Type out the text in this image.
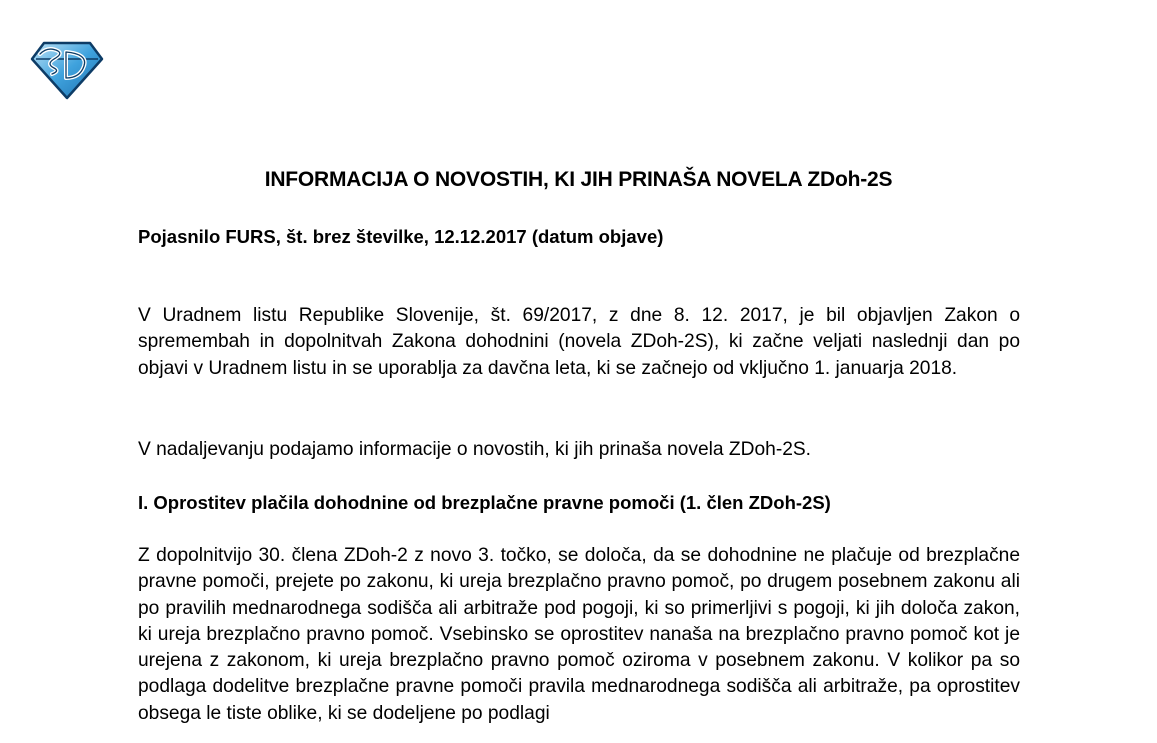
INFORMACIJA O NOVOSTIH, KI JIH PRINAŠA NOVELA ZDoh-2S

Pojasnilo FURS, št. brez številke, 12.12.2017 (datum objave)

V Uradnem listu Republike Slovenije, št. 69/2017, z dne 8. 12. 2017, je bil objavljen Zakon o spremembah in dopolnitvah Zakona dohodnini (novela ZDoh-2S), ki začne veljati naslednji dan po objavi v Uradnem listu in se uporablja za davčna leta, ki se začnejo od vključno 1. januarja 2018.

V nadaljevanju podajamo informacije o novostih, ki jih prinaša novela ZDoh-2S.

I. Oprostitev plačila dohodnine od brezplačne pravne pomoči (1. člen ZDoh-2S)

Z dopolnitvijo 30. člena ZDoh-2 z novo 3. točko, se določa, da se dohodnine ne plačuje od brezplačne pravne pomoči, prejete po zakonu, ki ureja brezplačno pravno pomoč, po drugem posebnem zakonu ali po pravilih mednarodnega sodišča ali arbitraže pod pogoji, ki so primerljivi s pogoji, ki jih določa zakon, ki ureja brezplačno pravno pomoč. Vsebinsko se oprostitev nanaša na brezplačno pravno pomoč kot je urejena z zakonom, ki ureja brezplačno pravno pomoč oziroma v posebnem zakonu. V kolikor pa so podlaga dodelitve brezplačne pravne pomoči pravila mednarodnega sodišča ali arbitraže, pa oprostitev obsega le tiste oblike, ki se dodeljene po podlagi
